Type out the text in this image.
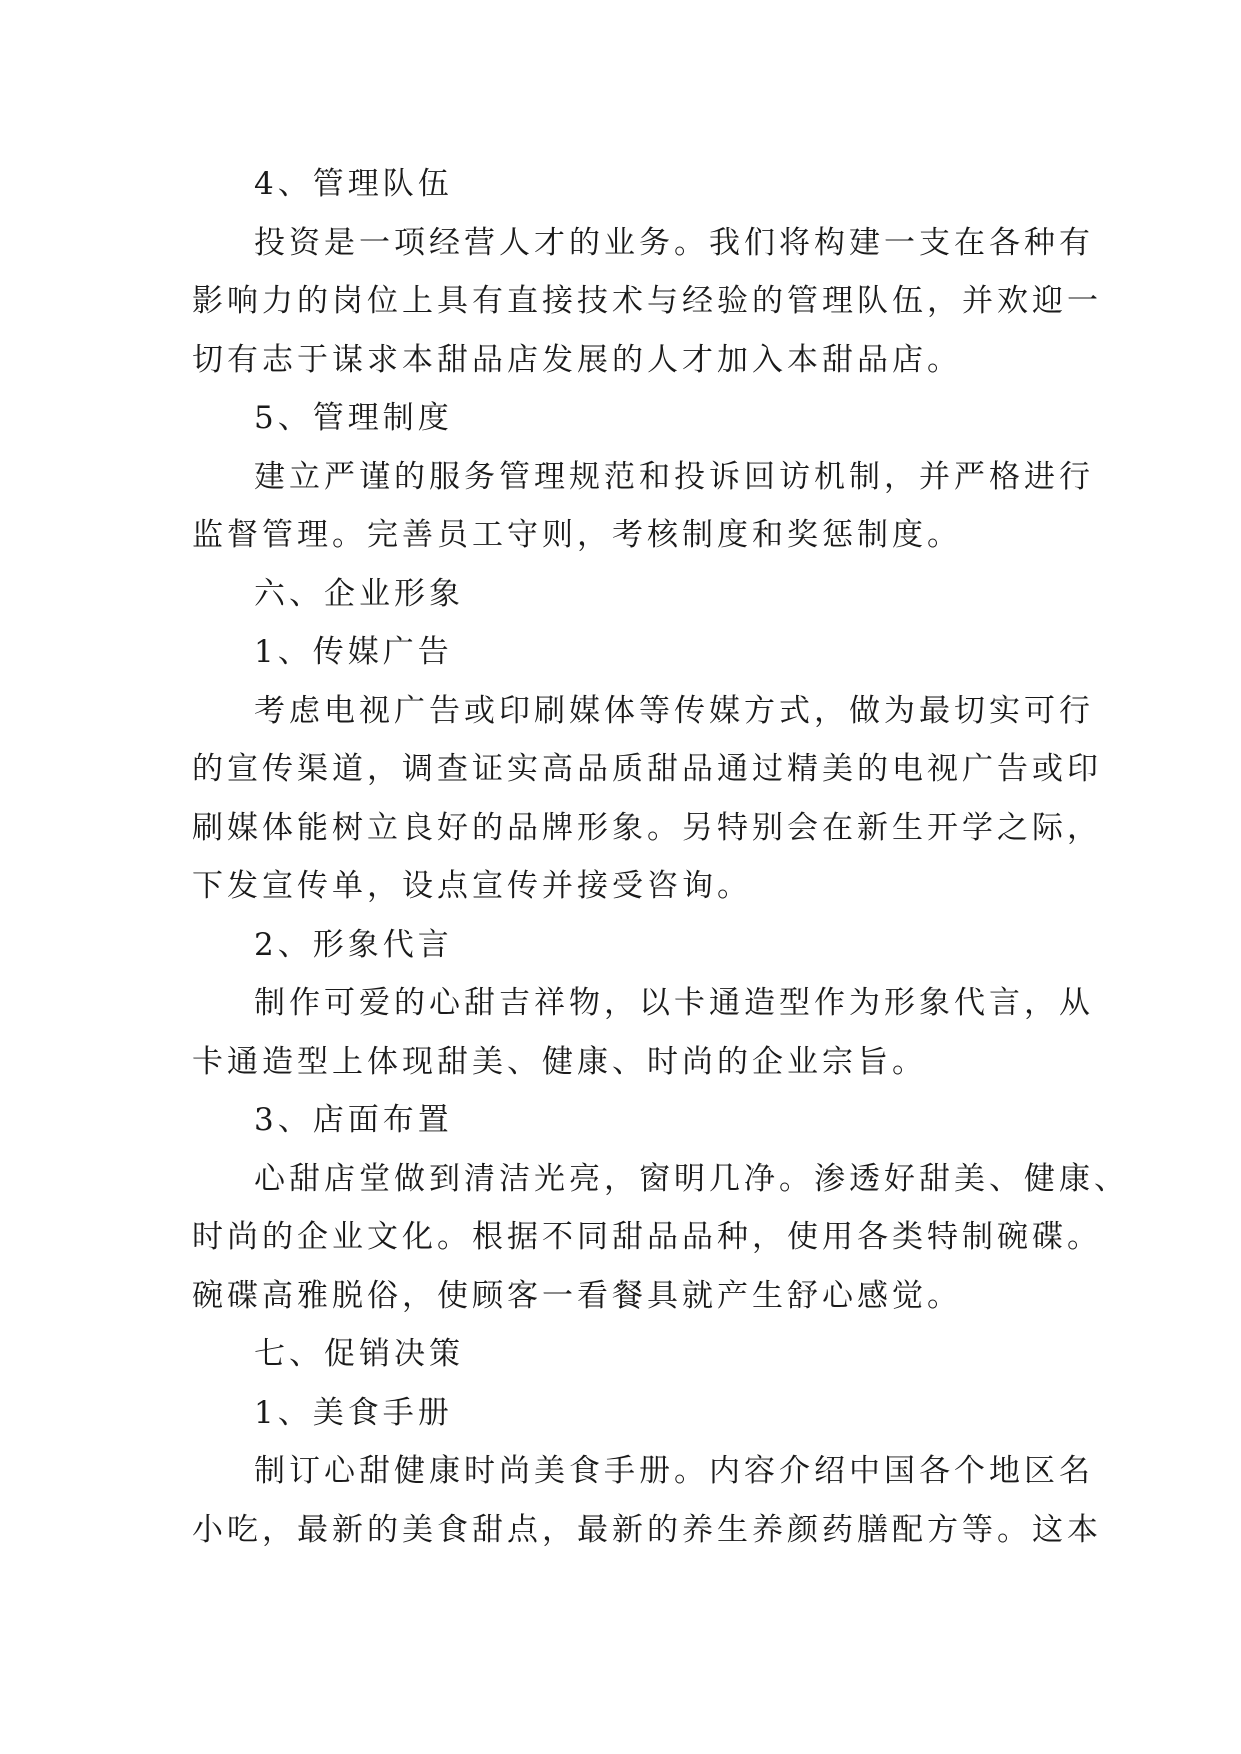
4、管理队伍

投资是一项经营人才的业务。我们将构建一支在各种有

影响力的岗位上具有直接技术与经验的管理队伍，并欢迎一

切有志于谋求本甜品店发展的人才加入本甜品店。

5、管理制度

建立严谨的服务管理规范和投诉回访机制，并严格进行

监督管理。完善员工守则，考核制度和奖惩制度。

六、企业形象

1、传媒广告

考虑电视广告或印刷媒体等传媒方式，做为最切实可行

的宣传渠道，调查证实高品质甜品通过精美的电视广告或印

刷媒体能树立良好的品牌形象。另特别会在新生开学之际，

下发宣传单，设点宣传并接受咨询。

2、形象代言

制作可爱的心甜吉祥物，以卡通造型作为形象代言，从

卡通造型上体现甜美、健康、时尚的企业宗旨。

3、店面布置

心甜店堂做到清洁光亮，窗明几净。渗透好甜美、健康、

时尚的企业文化。根据不同甜品品种，使用各类特制碗碟。

碗碟高雅脱俗，使顾客一看餐具就产生舒心感觉。

七、促销决策

1、美食手册

制订心甜健康时尚美食手册。内容介绍中国各个地区名

小吃，最新的美食甜点，最新的养生养颜药膳配方等。这本
